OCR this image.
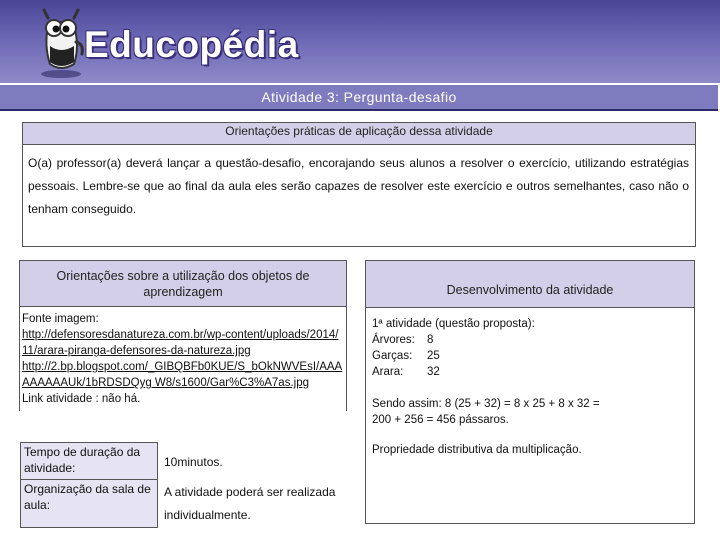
Educopédia
Atividade 3: Pergunta-desafio
Orientações práticas de aplicação dessa atividade
O(a) professor(a) deverá lançar a questão-desafio, encorajando seus alunos a resolver o exercício, utilizando estratégias pessoais. Lembre-se que ao final da aula eles serão capazes de resolver este exercício e outros semelhantes, caso não o tenham conseguido.
Orientações sobre a utilização dos objetos de aprendizagem
Fonte imagem:
http://defensoresdanatureza.com.br/wp-content/uploads/2014/11/arara-piranga-defensores-da-natureza.jpg
http://2.bp.blogspot.com/_GIBQBFb0KUE/S_bOkNWVEsI/AAAAAAAAAUk/1bRDSDQyg W8/s1600/Gar%C3%A7as.jpg
Link atividade : não há.
Desenvolvimento da atividade
1ª atividade (questão proposta):
Árvores: 8
Garças: 25
Arara: 32
Sendo assim: 8 (25 + 32) = 8 x 25 + 8 x 32 =
200 + 256 = 456 pássaros.
Propriedade distributiva da multiplicação.
Tempo de duração da atividade:	10minutos.
Organização da sala de aula:	A atividade poderá ser realizada individualmente.
